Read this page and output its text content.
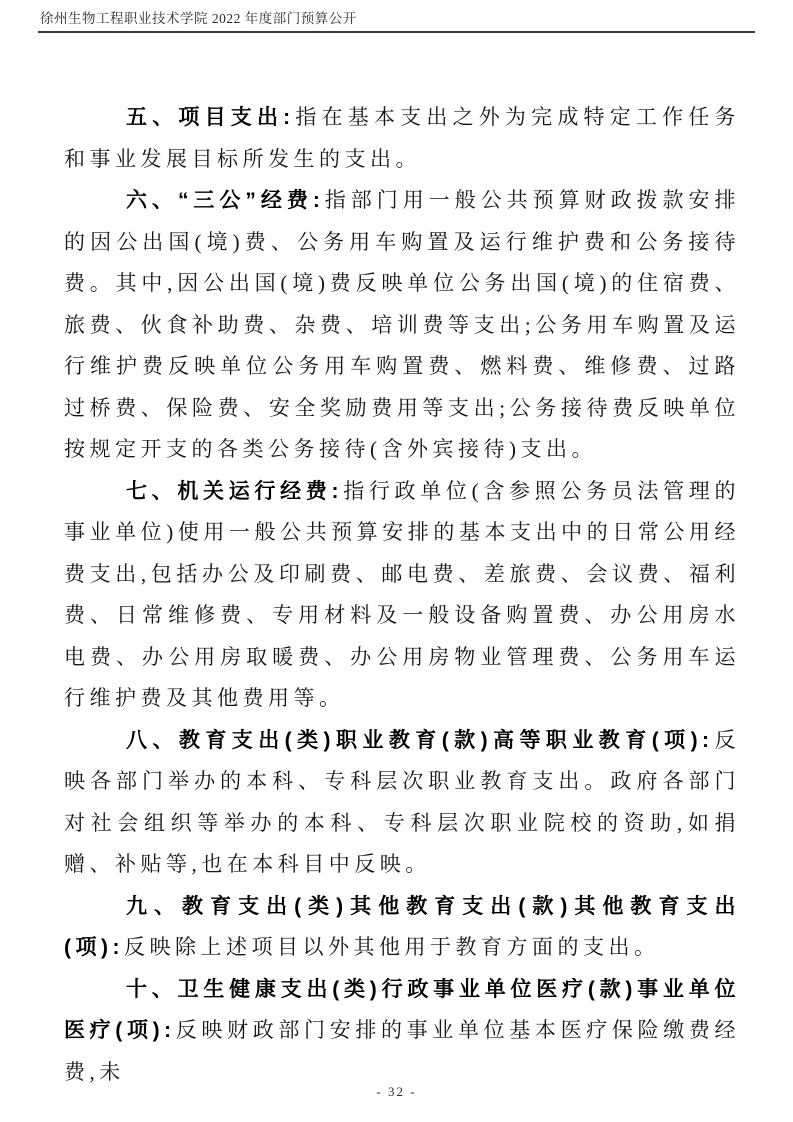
徐州生物工程职业技术学院 2022 年度部门预算公开

五、项目支出:指在基本支出之外为完成特定工作任务和事业发展目标所发生的支出。

六、“三公”经费:指部门用一般公共预算财政拨款安排的因公出国(境)费、公务用车购置及运行维护费和公务接待费。其中,因公出国(境)费反映单位公务出国(境)的住宿费、旅费、伙食补助费、杂费、培训费等支出;公务用车购置及运行维护费反映单位公务用车购置费、燃料费、维修费、过路过桥费、保险费、安全奖励费用等支出;公务接待费反映单位按规定开支的各类公务接待(含外宾接待)支出。

七、机关运行经费:指行政单位(含参照公务员法管理的事业单位)使用一般公共预算安排的基本支出中的日常公用经费支出,包括办公及印刷费、邮电费、差旅费、会议费、福利费、日常维修费、专用材料及一般设备购置费、办公用房水电费、办公用房取暖费、办公用房物业管理费、公务用车运行维护费及其他费用等。

八、教育支出(类)职业教育(款)高等职业教育(项):反映各部门举办的本科、专科层次职业教育支出。政府各部门对社会组织等举办的本科、专科层次职业院校的资助,如捐赠、补贴等,也在本科目中反映。

九、教育支出(类)其他教育支出(款)其他教育支出(项):反映除上述项目以外其他用于教育方面的支出。

十、卫生健康支出(类)行政事业单位医疗(款)事业单位医疗(项):反映财政部门安排的事业单位基本医疗保险缴费经费,未

- 32 -
